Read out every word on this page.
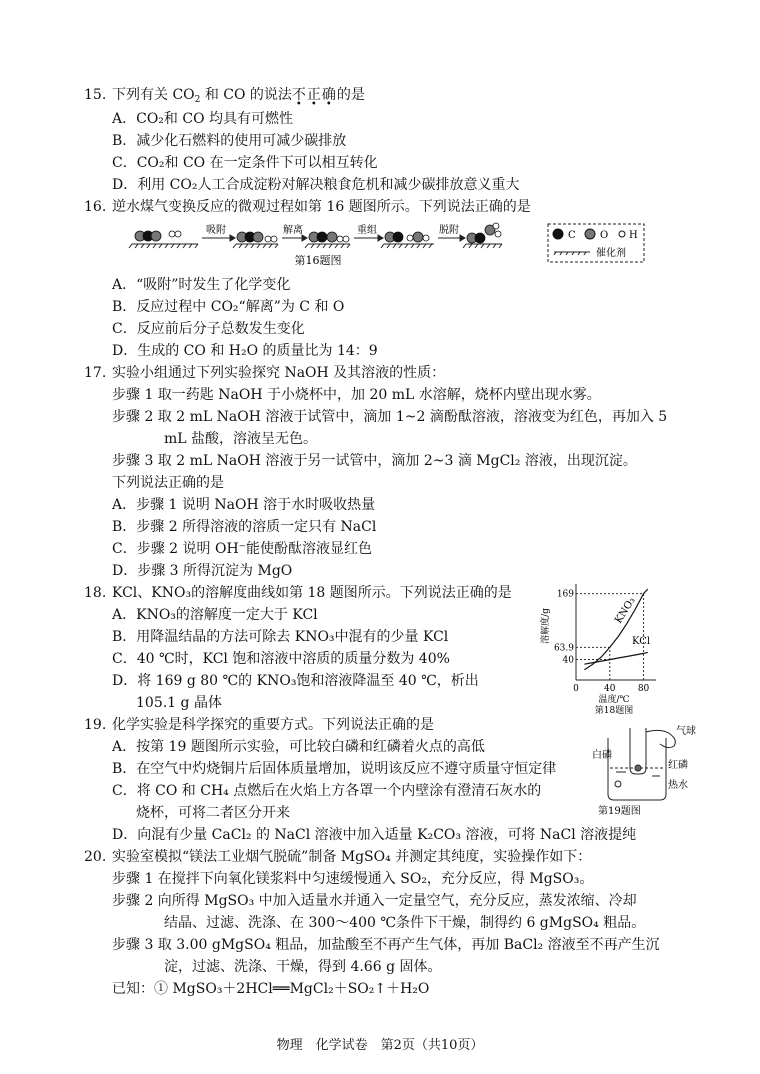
15. 下列有关 $CO_2$ 和 CO 的说法不正确的是
A．CO₂和 CO 均具有可燃性
B．减少化石燃料的使用可减少碳排放
C．CO₂和 CO 在一定条件下可以相互转化
D．利用 CO₂人工合成淀粉对解决粮食危机和减少碳排放意义重大
16. 逆水煤气变换反应的微观过程如第 16 题图所示。下列说法正确的是
吸附	解离	重组	脱附
第16题图
C O H
催化剂
A．“吸附”时发生了化学变化
B．反应过程中 CO₂“解离”为 C 和 O
C．反应前后分子总数发生变化
D．生成的 CO 和 H₂O 的质量比为 14：9
17. 实验小组通过下列实验探究 NaOH 及其溶液的性质：
步骤 1 取一药匙 NaOH 于小烧杯中，加 20 mL 水溶解，烧杯内壁出现水雾。
步骤 2 取 2 mL NaOH 溶液于试管中，滴加 1~2 滴酚酞溶液，溶液变为红色，再加入 5
mL 盐酸，溶液呈无色。
步骤 3 取 2 mL NaOH 溶液于另一试管中，滴加 2~3 滴 MgCl₂ 溶液，出现沉淀。
下列说法正确的是
A．步骤 1 说明 NaOH 溶于水时吸收热量
B．步骤 2 所得溶液的溶质一定只有 NaCl
C．步骤 2 说明 OH⁻能使酚酞溶液显红色
D．步骤 3 所得沉淀为 MgO
18. KCl、KNO₃的溶解度曲线如第 18 题图所示。下列说法正确的是
A．KNO₃的溶解度一定大于 KCl
B．用降温结晶的方法可除去 KNO₃中混有的少量 KCl
C．40 ℃时，KCl 饱和溶液中溶质的质量分数为 40%
D．将 169 g 80 ℃的 KNO₃饱和溶液降温至 40 ℃，析出
105.1 g 晶体
40
63.9
169
0	40 80
KNO₃
KCl
溶解度/g
温度/℃
第18题图
19. 化学实验是科学探究的重要方式。下列说法正确的是
A．按第 19 题图所示实验，可比较白磷和红磷着火点的高低
B．在空气中灼烧铜片后固体质量增加，说明该反应不遵守质量守恒定律
C．将 CO 和 CH₄ 点燃后在火焰上方各罩一个内壁涂有澄清石灰水的
烧杯，可将二者区分开来
D．向混有少量 CaCl₂ 的 NaCl 溶液中加入适量 K₂CO₃ 溶液，可将 NaCl 溶液提纯
气球
白磷
红磷
热水
第19题图
20. 实验室模拟“镁法工业烟气脱硫”制备 MgSO₄ 并测定其纯度，实验操作如下：
步骤 1 在搅拌下向氧化镁浆料中匀速缓慢通入 SO₂，充分反应，得 MgSO₃。
步骤 2 向所得 MgSO₃ 中加入适量水并通入一定量空气，充分反应，蒸发浓缩、冷却
结晶、过滤、洗涤、在 300～400 ℃条件下干燥，制得约 6 gMgSO₄ 粗品。
步骤 3 取 3.00 gMgSO₄ 粗品，加盐酸至不再产生气体，再加 BaCl₂ 溶液至不再产生沉
淀，过滤、洗涤、干燥，得到 4.66 g 固体。
已知：① MgSO₃＋2HCl══MgCl₂＋SO₂↑＋H₂O
物理　化学试卷　第2页（共10页）
